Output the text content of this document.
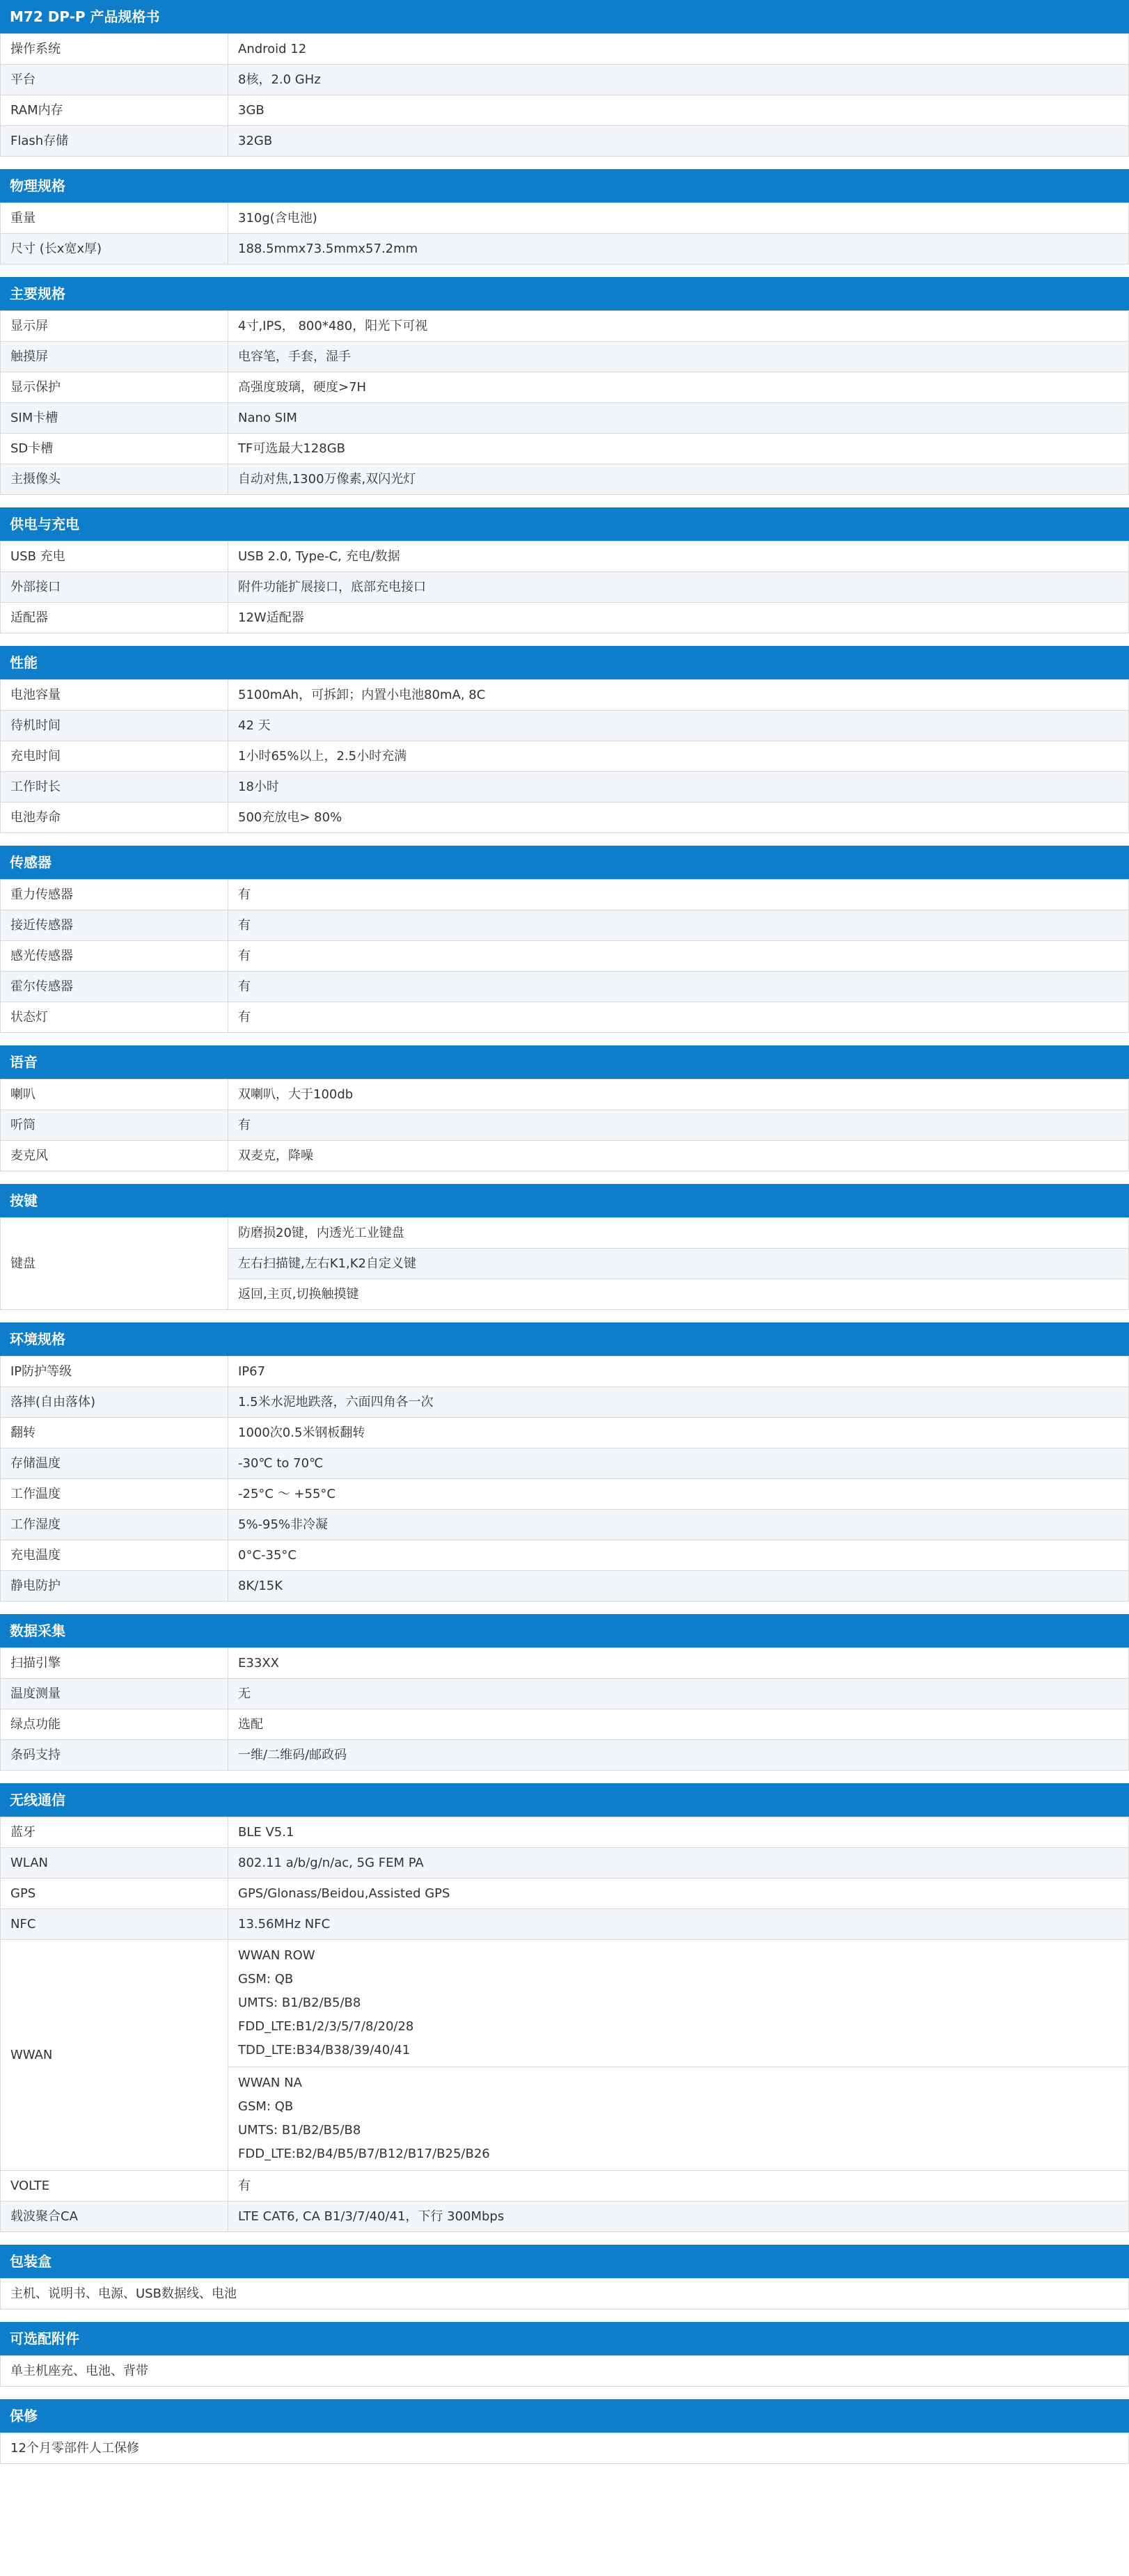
M72 DP-P 产品规格书
操作系统	Android 12
平台	8核，2.0 GHz
RAM内存	3GB
Flash存储	32GB
物理规格
重量	310g(含电池)
尺寸 (长x宽x厚)	188.5mmx73.5mmx57.2mm
主要规格
显示屏	4寸,IPS， 800*480，阳光下可视
触摸屏	电容笔，手套，湿手
显示保护	高强度玻璃，硬度>7H
SIM卡槽	Nano SIM
SD卡槽	TF可选最大128GB
主摄像头	自动对焦,1300万像素,双闪光灯
供电与充电
USB 充电	USB 2.0, Type-C, 充电/数据
外部接口	附件功能扩展接口，底部充电接口
适配器	12W适配器
性能
电池容量	5100mAh，可拆卸；内置小电池80mA, 8C
待机时间	42 天
充电时间	1小时65%以上，2.5小时充满
工作时长	18小时
电池寿命	500充放电> 80%
传感器
重力传感器	有
接近传感器	有
感光传感器	有
霍尔传感器	有
状态灯	有
语音
喇叭	双喇叭，大于100db
听筒	有
麦克风	双麦克，降噪
按键
键盘	防磨损20键，内透光工业键盘
左右扫描键,左右K1,K2自定义键
返回,主页,切换触摸键
环境规格
IP防护等级	IP67
落摔(自由落体)	1.5米水泥地跌落，六面四角各一次
翻转	1000次0.5米钢板翻转
存储温度	-30℃ to 70℃
工作温度	-25°C ～ +55°C
工作湿度	5%-95%非冷凝
充电温度	0°C-35°C
静电防护	8K/15K
数据采集
扫描引擎	E33XX
温度测量	无
绿点功能	选配
条码支持	一维/二维码/邮政码
无线通信
蓝牙	BLE V5.1
WLAN	802.11 a/b/g/n/ac, 5G FEM PA
GPS	GPS/Glonass/Beidou,Assisted GPS
NFC	13.56MHz NFC
WWAN	WWAN ROW
GSM: QB
UMTS: B1/B2/B5/B8
FDD_LTE:B1/2/3/5/7/8/20/28
TDD_LTE:B34/B38/39/40/41

	WWAN NA
GSM: QB
UMTS: B1/B2/B5/B8
FDD_LTE:B2/B4/B5/B7/B12/B17/B25/B26

VOLTE	有
载波聚合CA	LTE CAT6, CA B1/3/7/40/41，下行 300Mbps
包装盒
主机、说明书、电源、USB数据线、电池
可选配附件
单主机座充、电池、背带
保修
12个月零部件人工保修
